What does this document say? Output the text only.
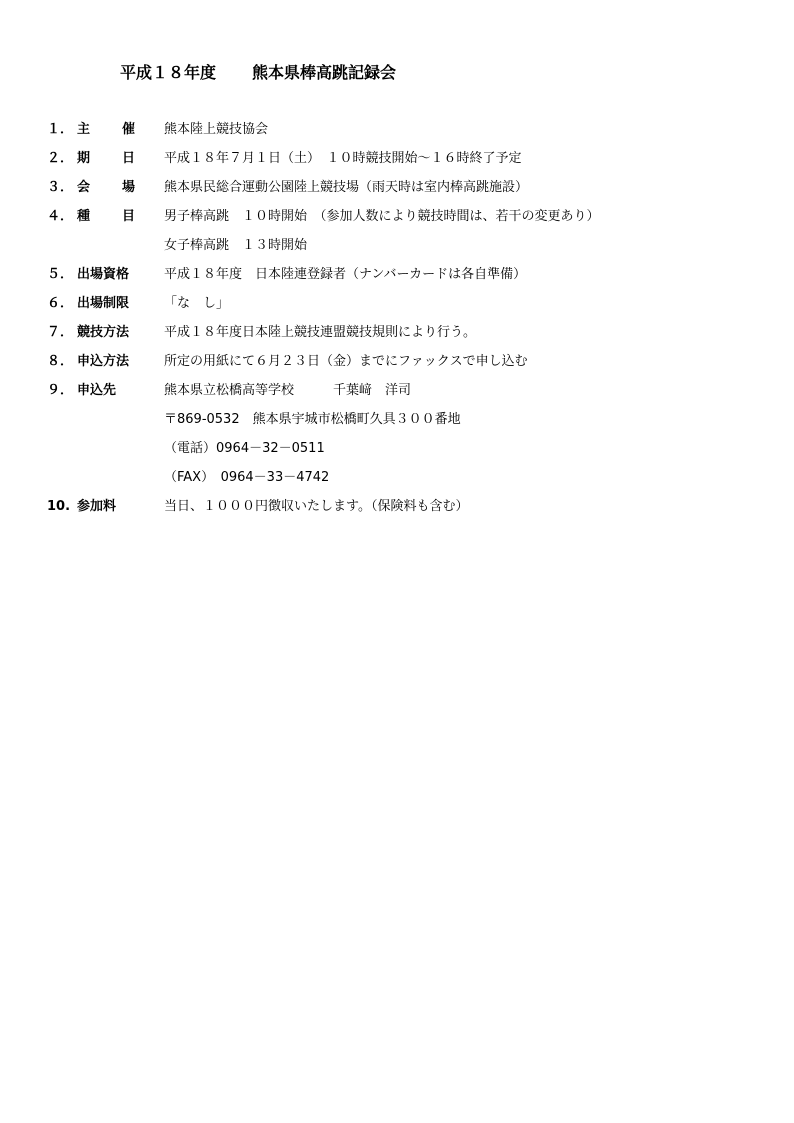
平成１８年度 熊本県棒高跳記録会
１． 主　催 熊本陸上競技協会
２． 期　日 平成１８年７月１日（土）　１０時競技開始～１６時終了予定
３． 会　場 熊本県民総合運動公園陸上競技場（雨天時は室内棒高跳施設）
４． 種　目 男子棒高跳　１０時開始　（参加人数により競技時間は、若干の変更あり）
女子棒高跳　１３時開始
５． 出場資格	平成１８年度　日本陸連登録者（ナンバーカードは各自準備）
６． 出場制限	「な　し」
７． 競技方法	平成１８年度日本陸上競技連盟競技規則により行う。
８． 申込方法	所定の用紙にて６月２３日（金）までにファックスで申し込む
９． 申込先	熊本県立松橋高等学校　　　千葉﨑　洋司
〒869-0532　熊本県宇城市松橋町久具３００番地
（電話）0964－32－0511
（FAX）　0964－33－4742
10. 参加料	当日、１０００円徴収いたします。（保険料も含む）
